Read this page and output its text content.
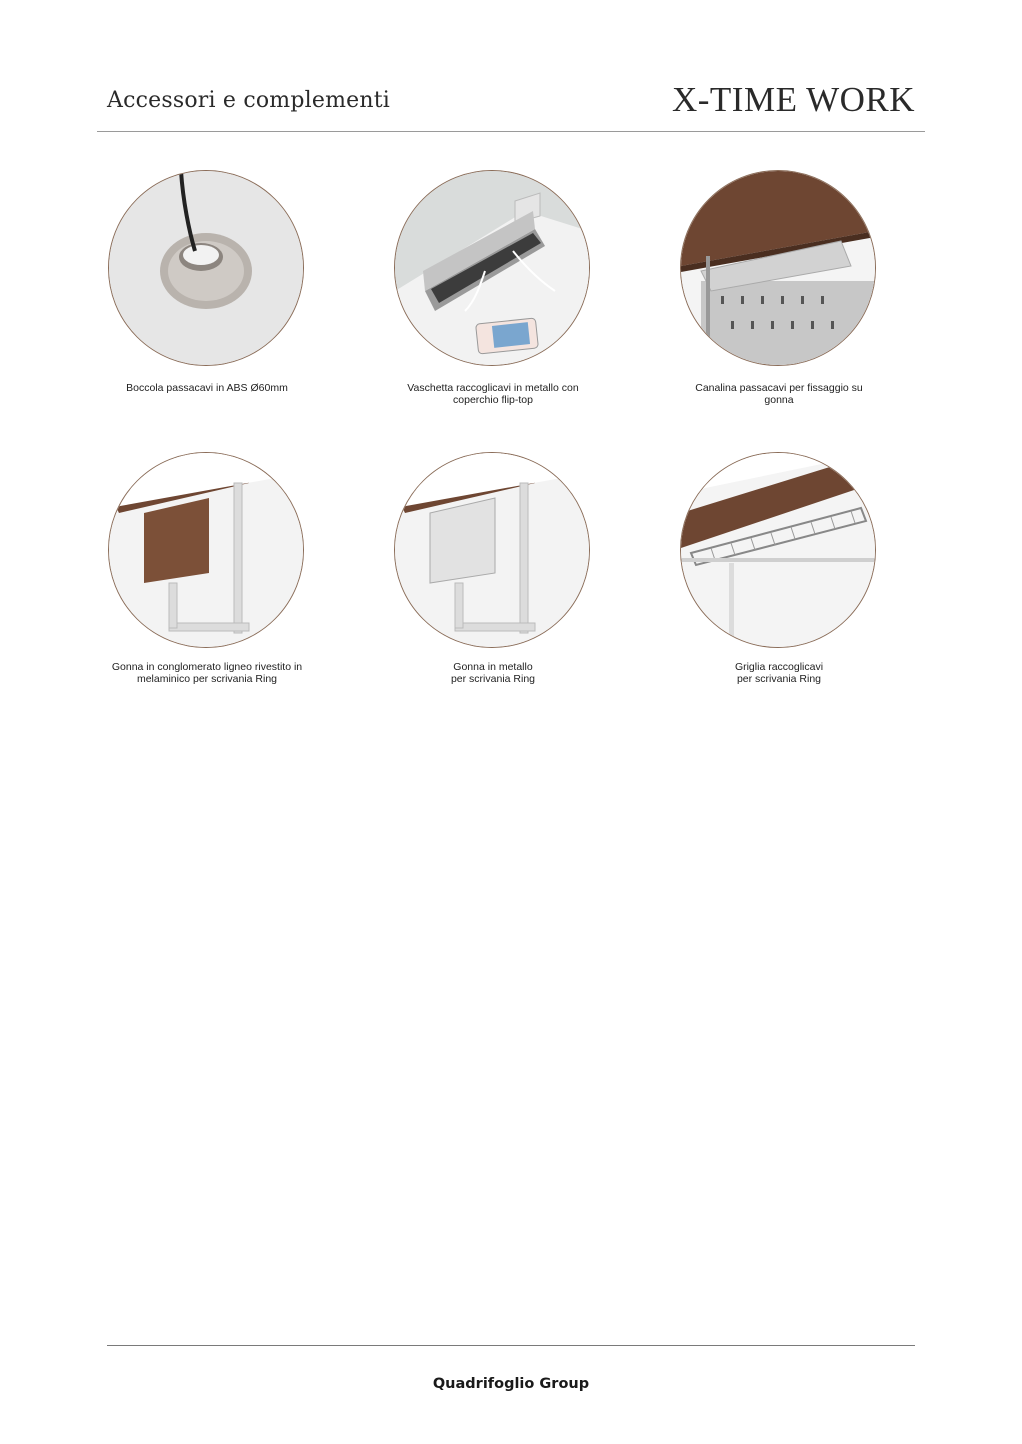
Accessori e complementi	X-TIME WORK
Boccola passacavi in ABS Ø60mm	Vaschetta raccoglicavi in metallo con
coperchio flip-top
Canalina passacavi per fissaggio su
gonna
Gonna in conglomerato ligneo rivestito in
melaminico per scrivania Ring
Gonna in metallo
per scrivania Ring
Griglia raccoglicavi
per scrivania Ring
Quadrifoglio Group
